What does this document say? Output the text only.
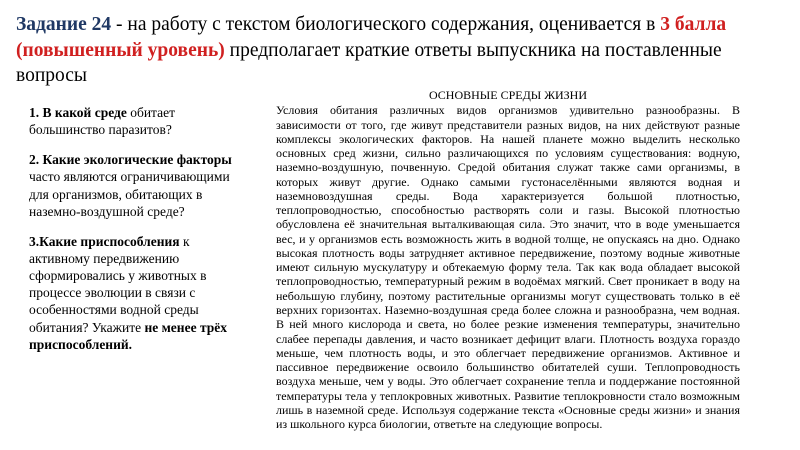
Задание 24 - на работу с текстом биологического содержания, оценивается в 3 балла (повышенный уровень) предполагает краткие ответы выпускника на поставленные вопросы
1. В какой среде обитает большинство паразитов?
2. Какие экологические факторы часто являются ограничивающими для организмов, обитающих в наземно-воздушной среде?
3.Какие приспособления к активному передвижению сформировались у животных в процессе эволюции в связи с особенностями водной среды обитания? Укажите не менее трёх приспособлений.
ОСНОВНЫЕ СРЕДЫ ЖИЗНИ

Условия обитания различных видов организмов удивительно разнообразны. В зависимости от того, где живут представители разных видов, на них действуют разные комплексы экологических факторов. На нашей планете можно выделить несколько основных сред жизни, сильно различающихся по условиям существования: водную, наземно-воздушную, почвенную. Средой обитания служат также сами организмы, в которых живут другие. Однако самыми густонаселёнными являются водная и наземновоздушная среды. Вода характеризуется большой плотностью, теплопроводностью, способностью растворять соли и газы. Высокой плотностью обусловлена её значительная выталкивающая сила. Это значит, что в воде уменьшается вес, и у организмов есть возможность жить в водной толще, не опускаясь на дно. Однако высокая плотность воды затрудняет активное передвижение, поэтому водные животные имеют сильную мускулатуру и обтекаемую форму тела. Так как вода обладает высокой теплопроводностью, температурный режим в водоёмах мягкий. Свет проникает в воду на небольшую глубину, поэтому растительные организмы могут существовать только в её верхних горизонтах. Наземно-воздушная среда более сложна и разнообразна, чем водная. В ней много кислорода и света, но более резкие изменения температуры, значительно слабее перепады давления, и часто возникает дефицит влаги. Плотность воздуха гораздо меньше, чем плотность воды, и это облегчает передвижение организмов. Активное и пассивное передвижение освоило большинство обитателей суши. Теплопроводность воздуха меньше, чем у воды. Это облегчает сохранение тепла и поддержание постоянной температуры тела у теплокровных животных. Развитие теплокровности стало возможным лишь в наземной среде. Используя содержание текста «Основные среды жизни» и знания из школьного курса биологии, ответьте на следующие вопросы.
